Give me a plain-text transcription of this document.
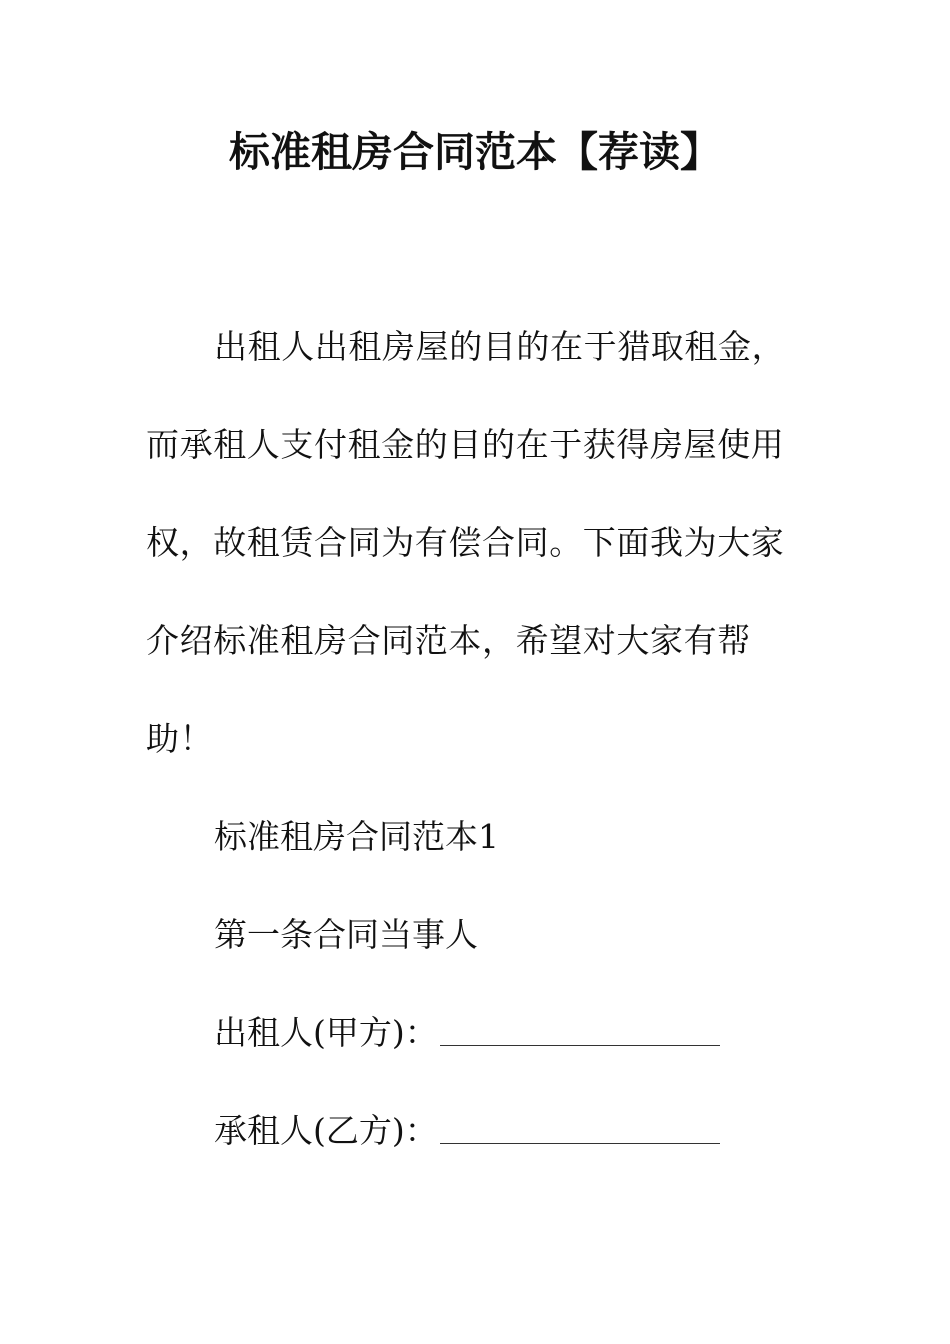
标准租房合同范本【荐读】

出租人出租房屋的目的在于猎取租金，而承租人支付租金的目的在于获得房屋使用权，故租赁合同为有偿合同。下面我为大家介绍标准租房合同范本，希望对大家有帮助！

标准租房合同范本1

第一条合同当事人

出租人(甲方)：

承租人(乙方)：
